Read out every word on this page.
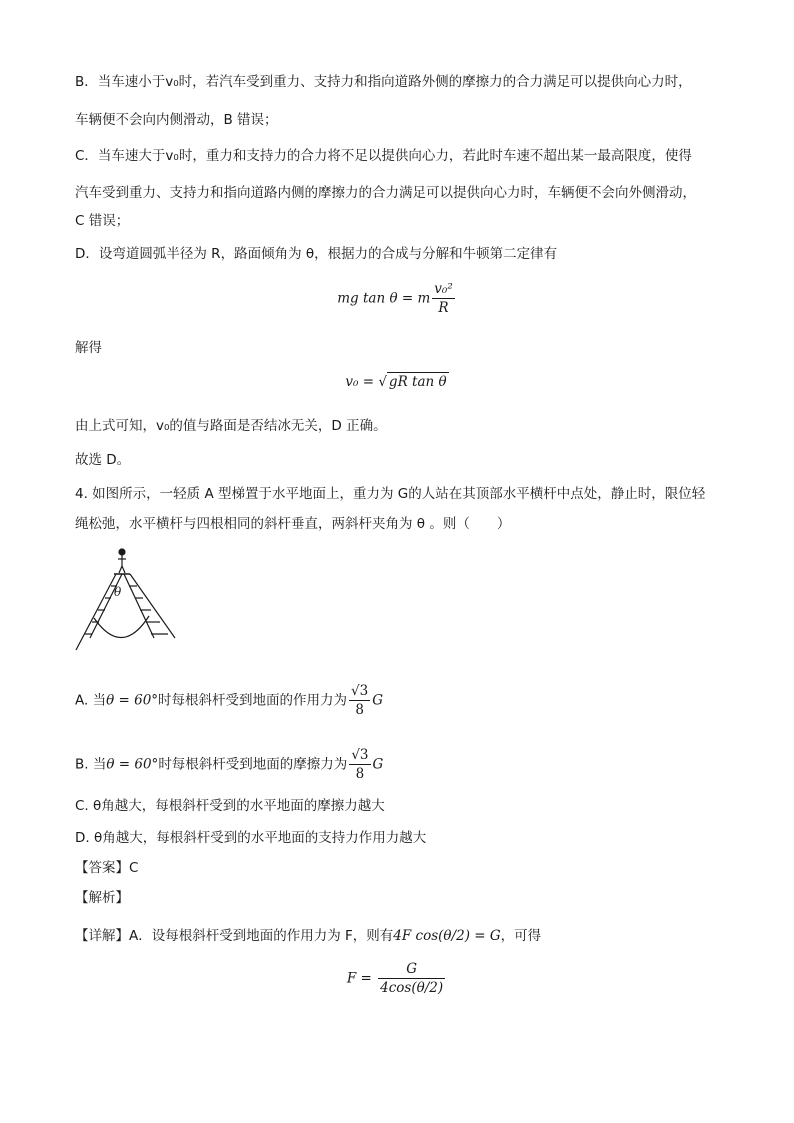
B．当车速小于v₀时，若汽车受到重力、支持力和指向道路外侧的摩擦力的合力满足可以提供向心力时，
车辆便不会向内侧滑动，B 错误；
C．当车速大于v₀时，重力和支持力的合力将不足以提供向心力，若此时车速不超出某一最高限度，使得
汽车受到重力、支持力和指向道路内侧的摩擦力的合力满足可以提供向心力时，车辆便不会向外侧滑动，
C 错误；
D．设弯道圆弧半径为 R，路面倾角为 θ，根据力的合成与分解和牛顿第二定律有
mg tan θ = m $\frac{\text{v₀²}}{R}$
解得
v₀ = √ gR tan θ
由上式可知，v₀的值与路面是否结冰无关，D 正确。
故选 D。
4. 如图所示，一轻质 A 型梯置于水平地面上，重力为 G的人站在其顶部水平横杆中点处，静止时，限位轻
绳松弛，水平横杆与四根相同的斜杆垂直，两斜杆夹角为 θ 。则（　　）
θ
A. 当θ = 60°时每根斜杆受到地面的作用力为 $\frac{√3}{8}$ G
B. 当θ = 60°时每根斜杆受到地面的摩擦力为 $\frac{√3}{8}$ G
C. θ角越大，每根斜杆受到的水平地面的摩擦力越大
D. θ角越大，每根斜杆受到的水平地面的支持力作用力越大
【答案】C
【解析】
【详解】A．设每根斜杆受到地面的作用力为 F，则有4F cos(θ/2) = G，可得
$F = \frac{G}{4\cos(\theta/2)}$
